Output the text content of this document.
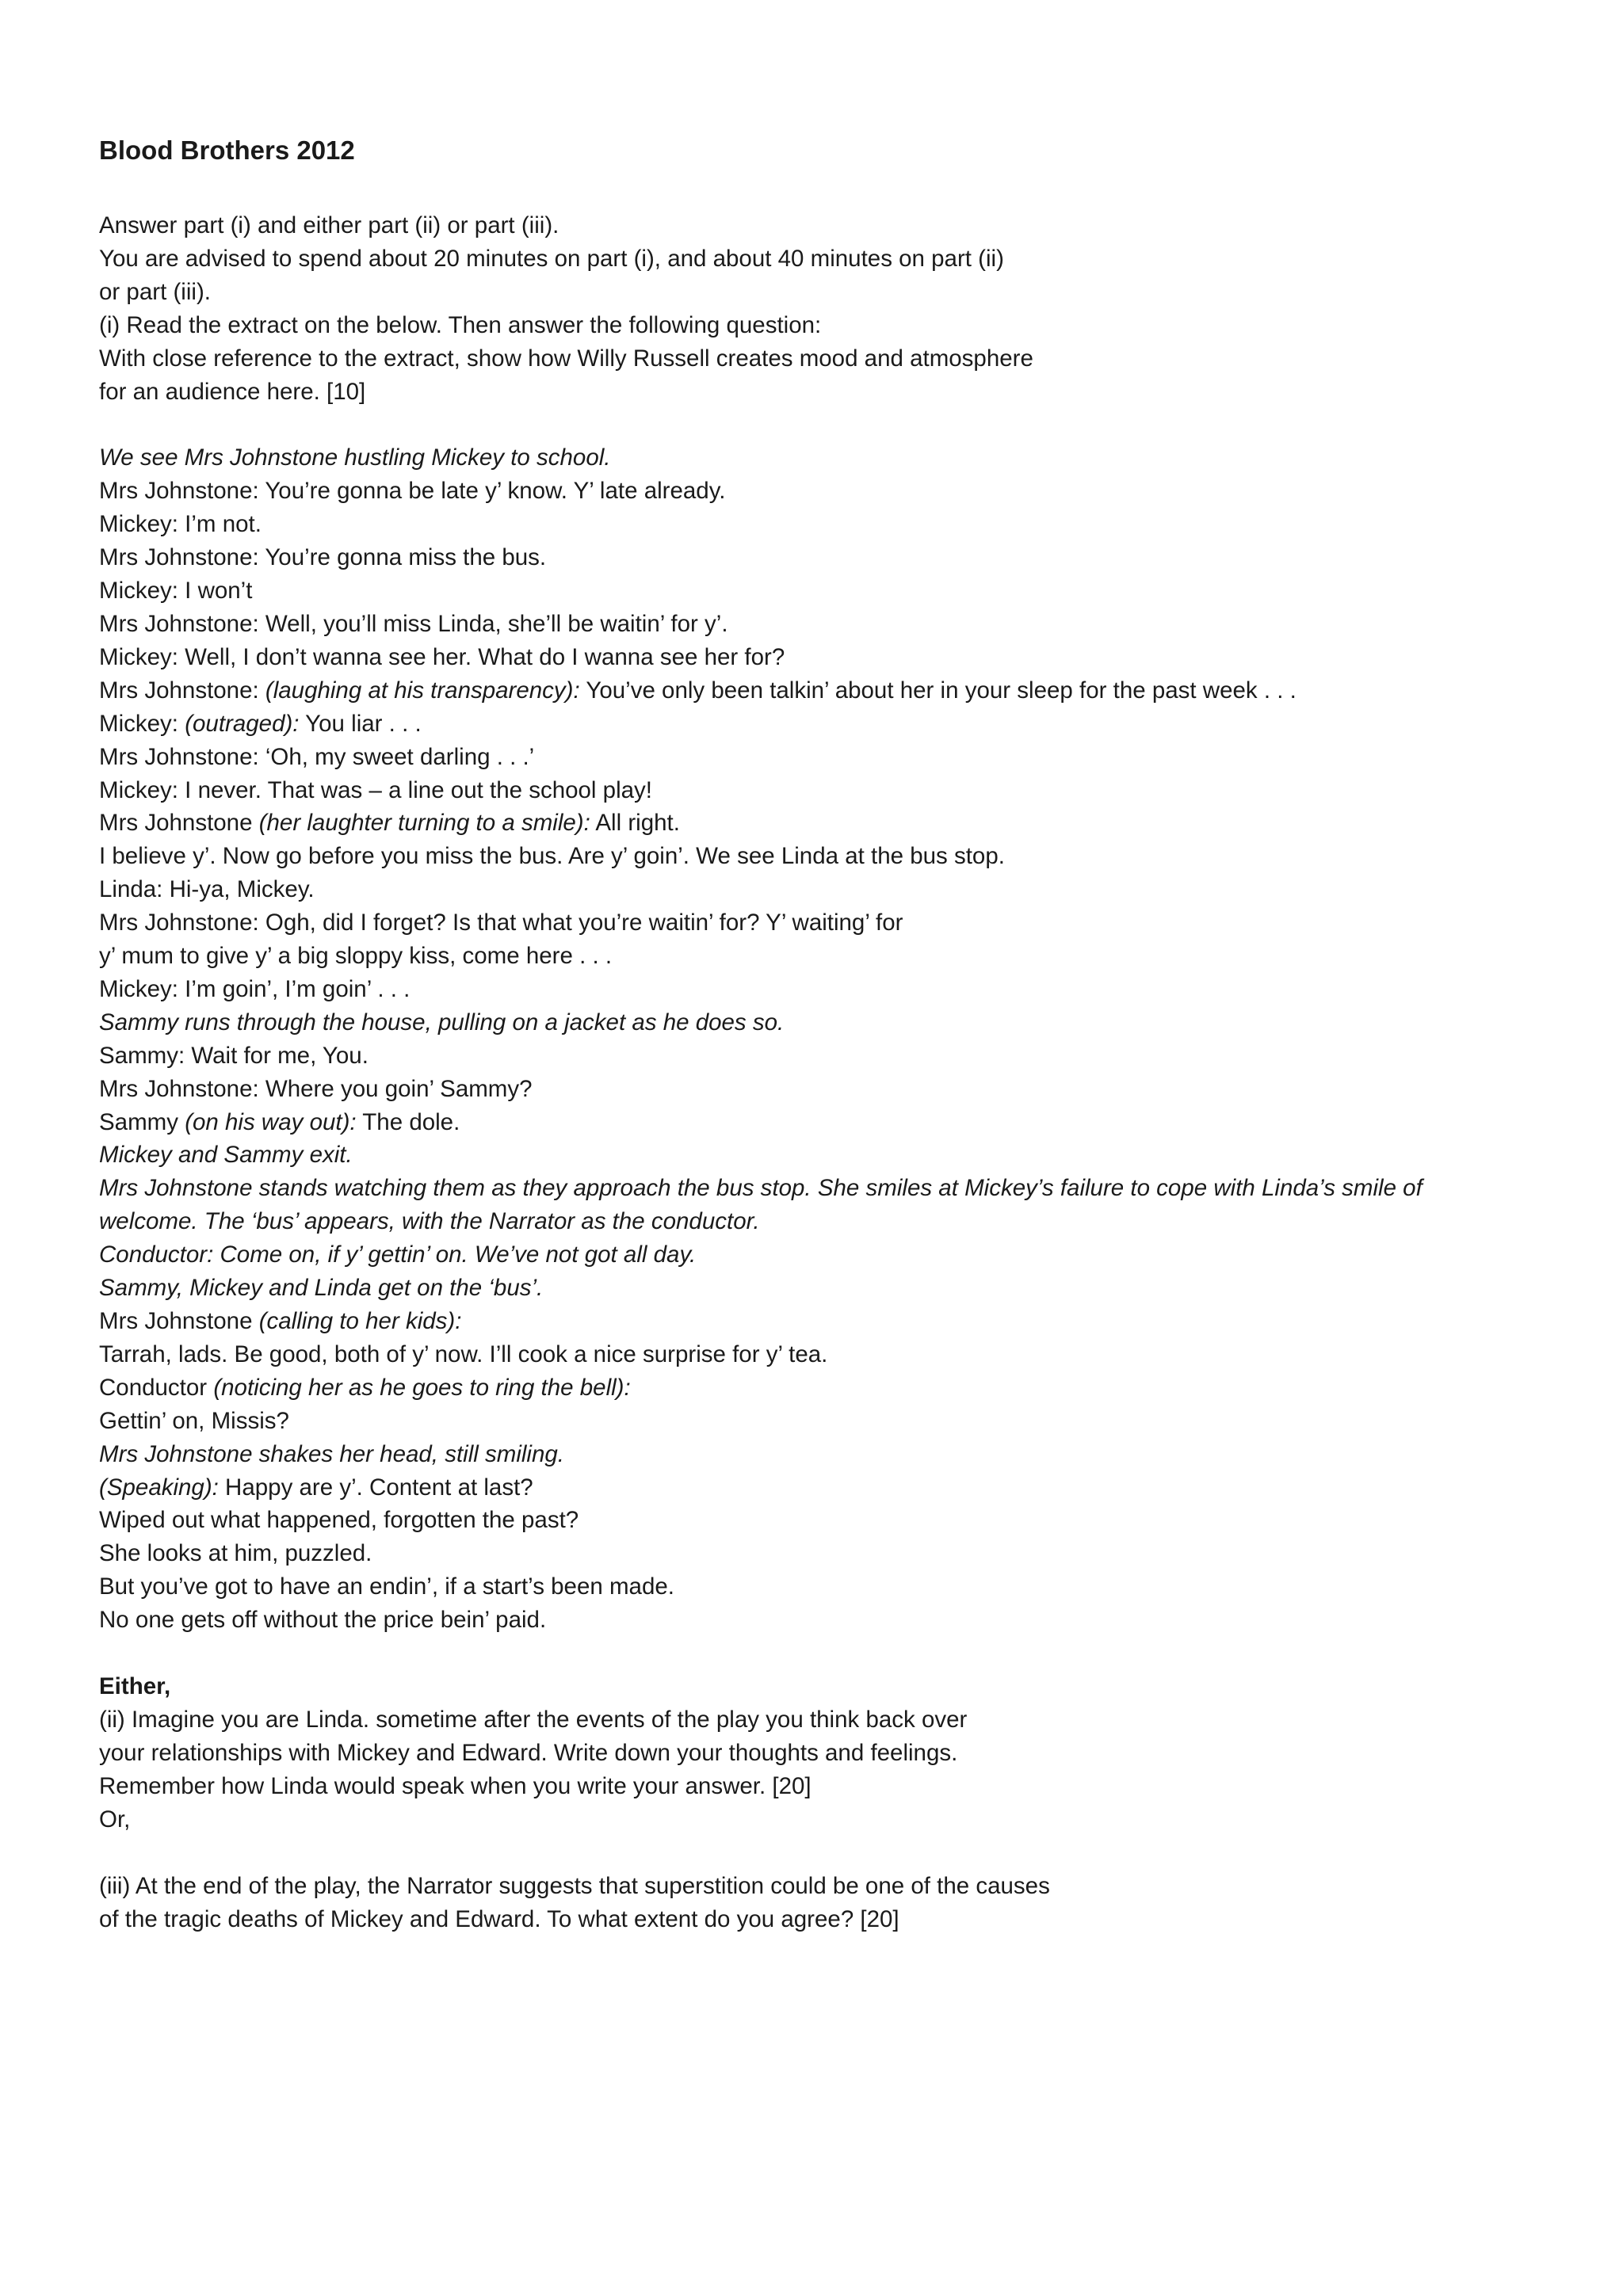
Blood Brothers 2012
Answer part (i) and either part (ii) or part (iii).
You are advised to spend about 20 minutes on part (i), and about 40 minutes on part (ii)
or part (iii).
(i) Read the extract on the below. Then answer the following question:
With close reference to the extract, show how Willy Russell creates mood and atmosphere
for an audience here. [10]
We see Mrs Johnstone hustling Mickey to school.
Mrs Johnstone: You’re gonna be late y’ know. Y’ late already.
Mickey: I’m not.
Mrs Johnstone: You’re gonna miss the bus.
Mickey: I won’t
Mrs Johnstone: Well, you’ll miss Linda, she’ll be waitin’ for y’.
Mickey: Well, I don’t wanna see her. What do I wanna see her for?
Mrs Johnstone: (laughing at his transparency): You’ve only been talkin’ about her in your sleep for the past week . . .
Mickey: (outraged): You liar . . .
Mrs Johnstone: ‘Oh, my sweet darling . . .’
Mickey: I never. That was – a line out the school play!
Mrs Johnstone (her laughter turning to a smile): All right.
I believe y’. Now go before you miss the bus. Are y’ goin’. We see Linda at the bus stop.
Linda: Hi-ya, Mickey.
Mrs Johnstone: Ogh, did I forget? Is that what you’re waitin’ for? Y’ waiting’ for
y’ mum to give y’ a big sloppy kiss, come here . . .
Mickey: I’m goin’, I’m goin’ . . .
Sammy runs through the house, pulling on a jacket as he does so.
Sammy: Wait for me, You.
Mrs Johnstone: Where you goin’ Sammy?
Sammy (on his way out): The dole.
Mickey and Sammy exit.
Mrs Johnstone stands watching them as they approach the bus stop. She smiles at Mickey’s failure to cope with Linda’s smile of
welcome. The ‘bus’ appears, with the Narrator as the conductor.
Conductor: Come on, if y’ gettin’ on. We’ve not got all day.
Sammy, Mickey and Linda get on the ‘bus’.
Mrs Johnstone (calling to her kids):
Tarrah, lads. Be good, both of y’ now. I’ll cook a nice surprise for y’ tea.
Conductor (noticing her as he goes to ring the bell):
Gettin’ on, Missis?
Mrs Johnstone shakes her head, still smiling.
(Speaking): Happy are y’. Content at last?
Wiped out what happened, forgotten the past?
She looks at him, puzzled.
But you’ve got to have an endin’, if a start’s been made.
No one gets off without the price bein’ paid.
Either,
(ii) Imagine you are Linda. sometime after the events of the play you think back over
your relationships with Mickey and Edward. Write down your thoughts and feelings.
Remember how Linda would speak when you write your answer. [20]
Or,
(iii) At the end of the play, the Narrator suggests that superstition could be one of the causes
of the tragic deaths of Mickey and Edward. To what extent do you agree? [20]
